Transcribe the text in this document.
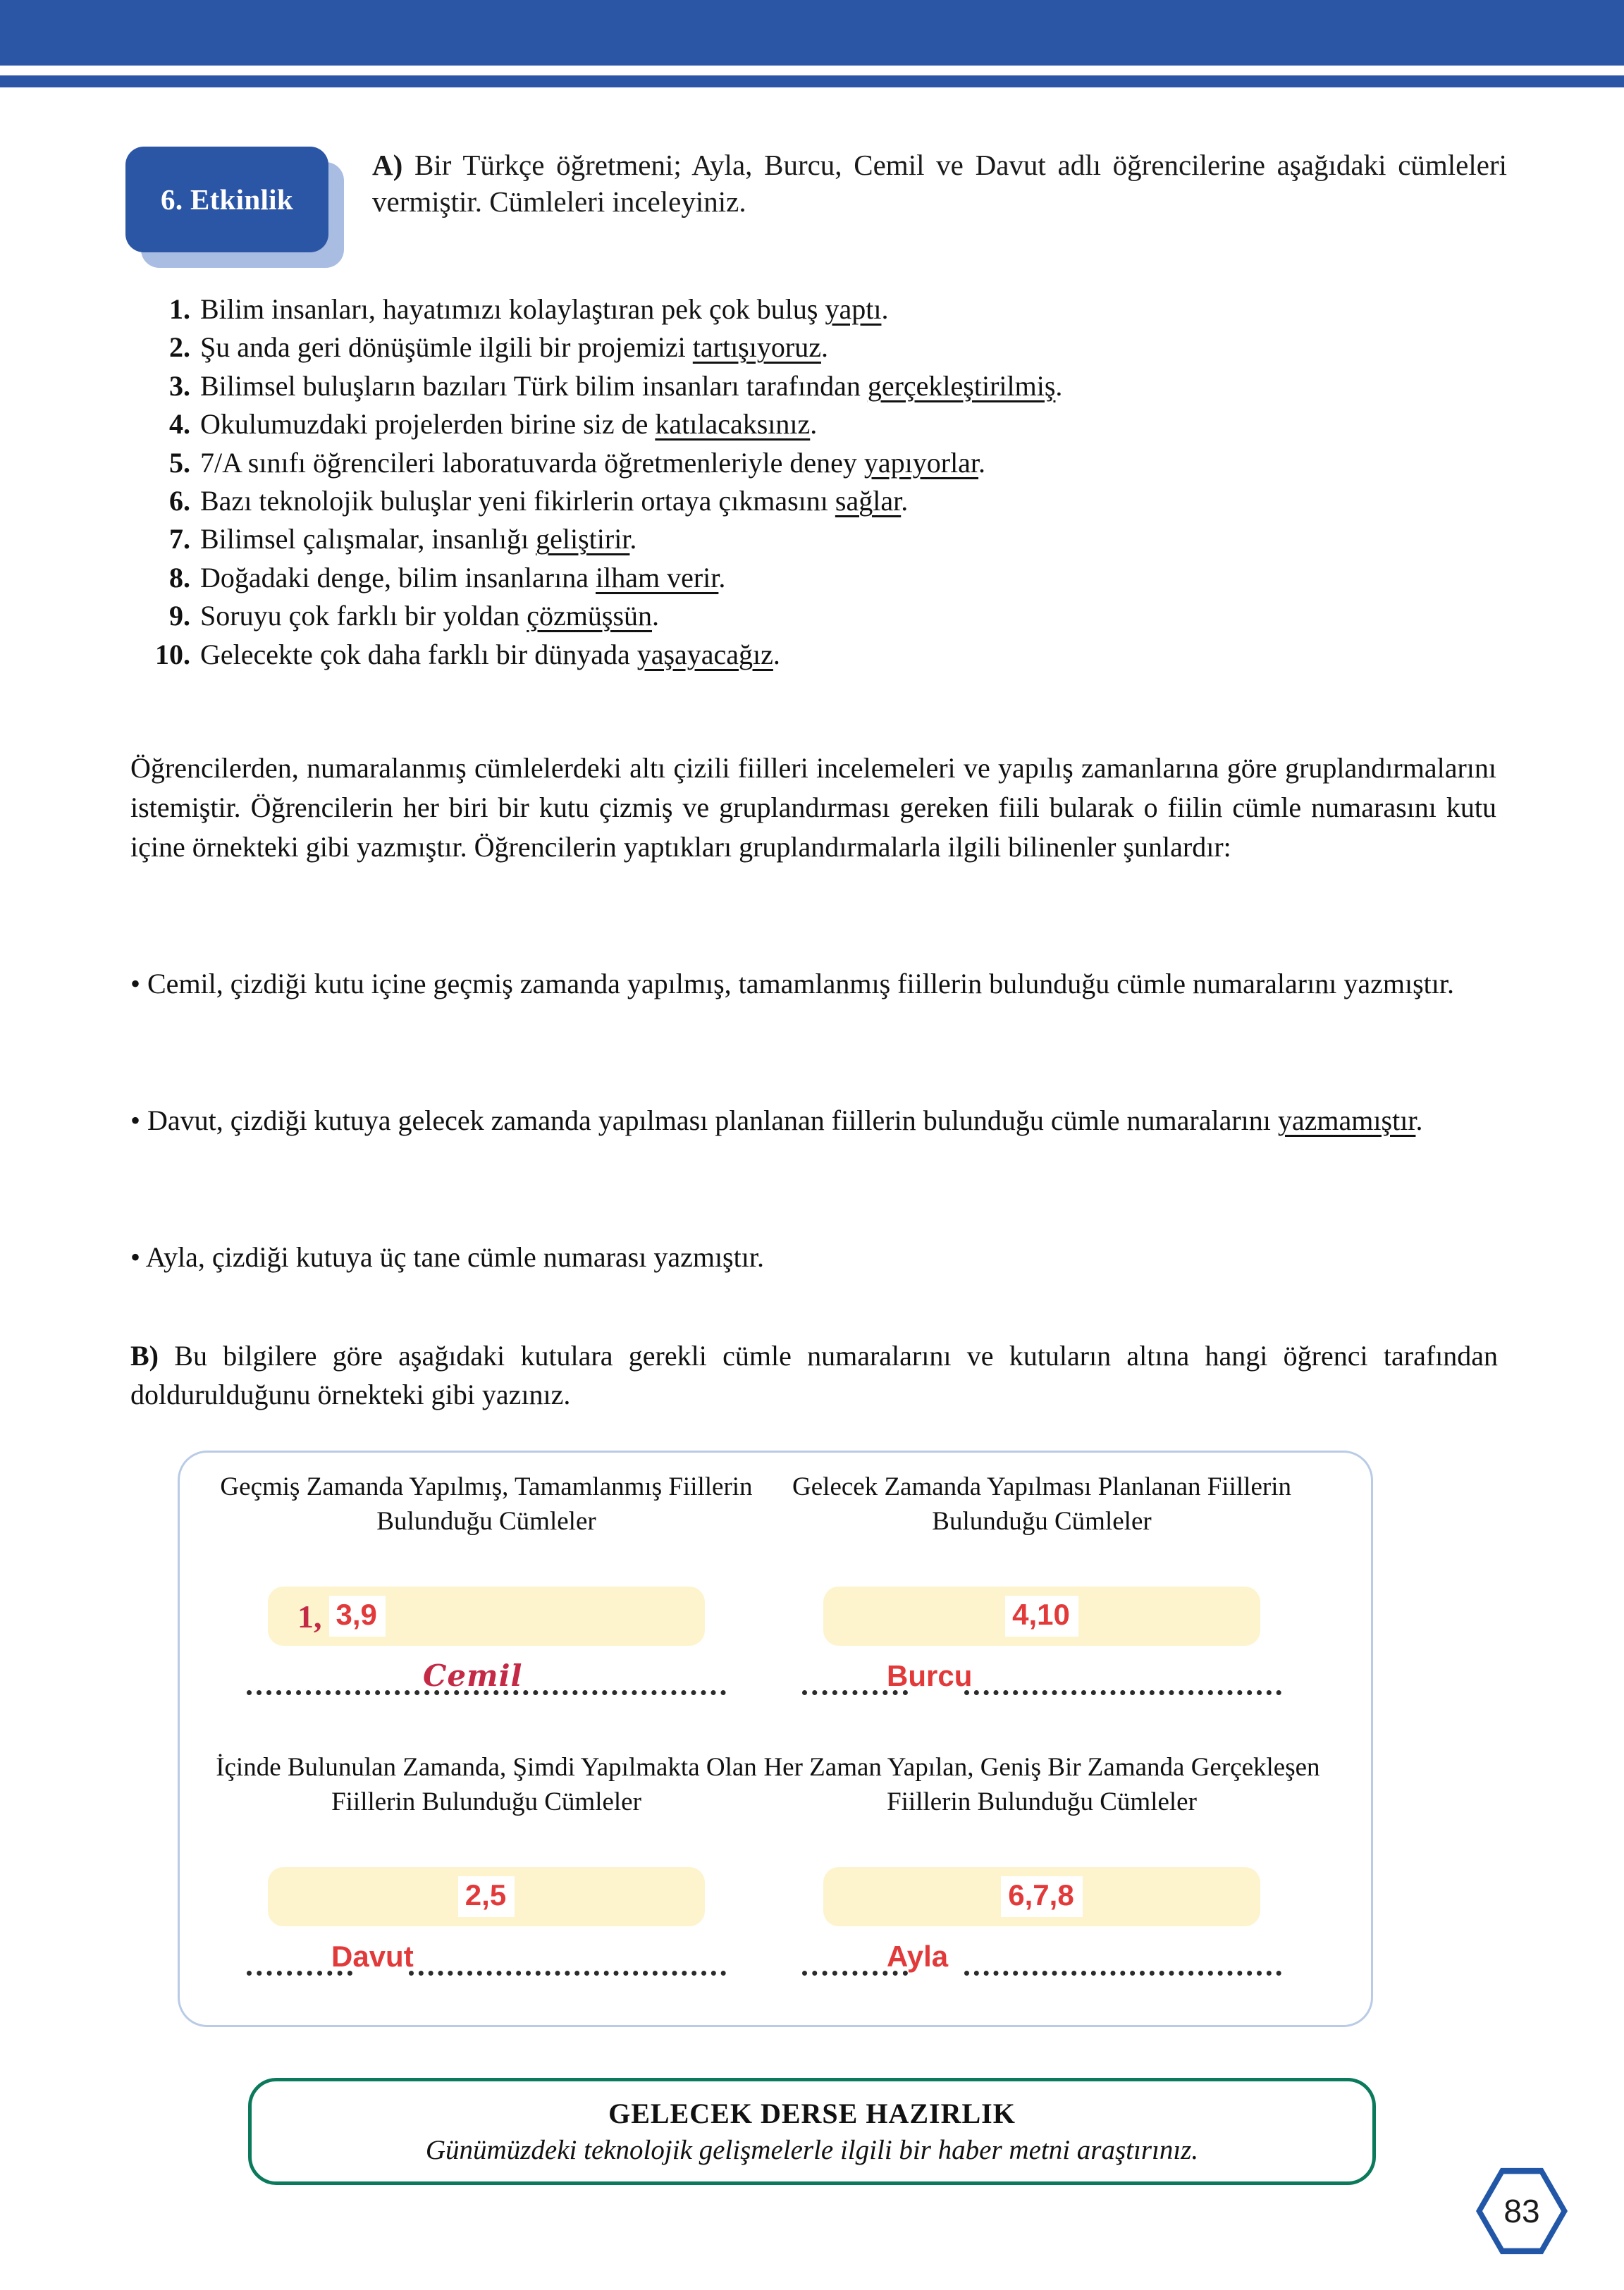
6. Etkinlik
A) Bir Türkçe öğretmeni; Ayla, Burcu, Cemil ve Davut adlı öğrencilerine aşağıdaki cümleleri vermiştir. Cümleleri inceleyiniz.
1. Bilim insanları, hayatımızı kolaylaştıran pek çok buluş yaptı.
2. Şu anda geri dönüşümle ilgili bir projemizi tartışıyoruz.
3. Bilimsel buluşların bazıları Türk bilim insanları tarafından gerçekleştirilmiş.
4. Okulumuzdaki projelerden birine siz de katılacaksınız.
5. 7/A sınıfı öğrencileri laboratuvarda öğretmenleriyle deney yapıyorlar.
6. Bazı teknolojik buluşlar yeni fikirlerin ortaya çıkmasını sağlar.
7. Bilimsel çalışmalar, insanlığı geliştirir.
8. Doğadaki denge, bilim insanlarına ilham verir.
9. Soruyu çok farklı bir yoldan çözmüşsün.
10. Gelecekte çok daha farklı bir dünyada yaşayacağız.
Öğrencilerden, numaralanmış cümlelerdeki altı çizili fiilleri incelemeleri ve yapılış zamanlarına göre gruplandırmalarını istemiştir. Öğrencilerin her biri bir kutu çizmiş ve gruplandırması gereken fiili bularak o fiilin cümle numarasını kutu içine örnekteki gibi yazmıştır. Öğrencilerin yaptıkları gruplandırmalarla ilgili bilinenler şunlardır:
• Cemil, çizdiği kutu içine geçmiş zamanda yapılmış, tamamlanmış fiillerin bulunduğu cümle numaralarını yazmıştır.
• Davut, çizdiği kutuya gelecek zamanda yapılması planlanan fiillerin bulunduğu cümle numaralarını yazmamıştır.
• Ayla, çizdiği kutuya üç tane cümle numarası yazmıştır.
B) Bu bilgilere göre aşağıdaki kutulara gerekli cümle numaralarını ve kutuların altına hangi öğrenci tarafından doldurulduğunu örnekteki gibi yazınız.
Geçmiş Zamanda Yapılmış, Tamamlanmış Fiillerin Bulunduğu Cümleler
1, 3,9
Cemil
Gelecek Zamanda Yapılması Planlanan Fiillerin Bulunduğu Cümleler
4,10
Burcu
İçinde Bulunulan Zamanda, Şimdi Yapılmakta Olan Fiillerin Bulunduğu Cümleler
2,5
Davut
Her Zaman Yapılan, Geniş Bir Zamanda Gerçekleşen Fiillerin Bulunduğu Cümleler
6,7,8
Ayla
GELECEK DERSE HAZIRLIK
Günümüzdeki teknolojik gelişmelerle ilgili bir haber metni araştırınız.
83
